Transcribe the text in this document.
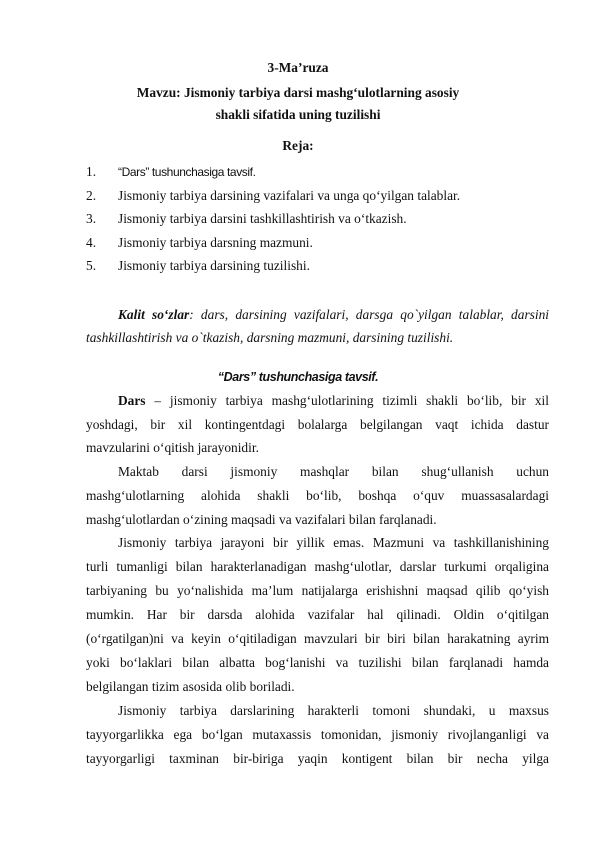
3-Ma’ruza
Mavzu: Jismoniy tarbiya darsi mashg‘ulotlarning asosiy
shakli sifatida uning tuzilishi
Reja:
1. “Dars” tushunchasiga tavsif.
2. Jismoniy tarbiya darsining vazifalari va unga qo‘yilgan talablar.
3. Jismoniy tarbiya darsini tashkillashtirish va o‘tkazish.
4. Jismoniy tarbiya darsning mazmuni.
5. Jismoniy tarbiya darsining tuzilishi.
Kalit so‘zlar: dars, darsining vazifalari, darsga qo`yilgan talablar, darsini
tashkillashtirish va o`tkazish, darsning mazmuni, darsining tuzilishi.
“Dars” tushunchasiga tavsif.
Dars – jismoniy tarbiya mashg‘ulotlarining tizimli shakli bo‘lib, bir xil
yoshdagi, bir xil kontingentdagi bolalarga belgilangan vaqt ichida dastur
mavzularini o‘qitish jarayonidir.
Maktab darsi jismoniy mashqlar bilan shug‘ullanish uchun
mashg‘ulotlarning alohida shakli bo‘lib, boshqa o‘quv muassasalardagi
mashg‘ulotlardan o‘zining maqsadi va vazifalari bilan farqlanadi.
Jismoniy tarbiya jarayoni bir yillik emas. Mazmuni va tashkillanishining
turli tumanligi bilan harakterlanadigan mashg‘ulotlar, darslar turkumi orqaligina
tarbiyaning bu yo‘nalishida ma’lum natijalarga erishishni maqsad qilib qo‘yish
mumkin. Har bir darsda alohida vazifalar hal qilinadi. Oldin o‘qitilgan
(o‘rgatilgan)ni va keyin o‘qitiladigan mavzulari bir biri bilan harakatning ayrim
yoki bo‘laklari bilan albatta bog‘lanishi va tuzilishi bilan farqlanadi hamda
belgilangan tizim asosida olib boriladi.
Jismoniy tarbiya darslarining harakterli tomoni shundaki, u maxsus
tayyorgarlikka ega bo‘lgan mutaxassis tomonidan, jismoniy rivojlanganligi va
tayyorgarligi taxminan bir-biriga yaqin kontigent bilan bir necha yilga
